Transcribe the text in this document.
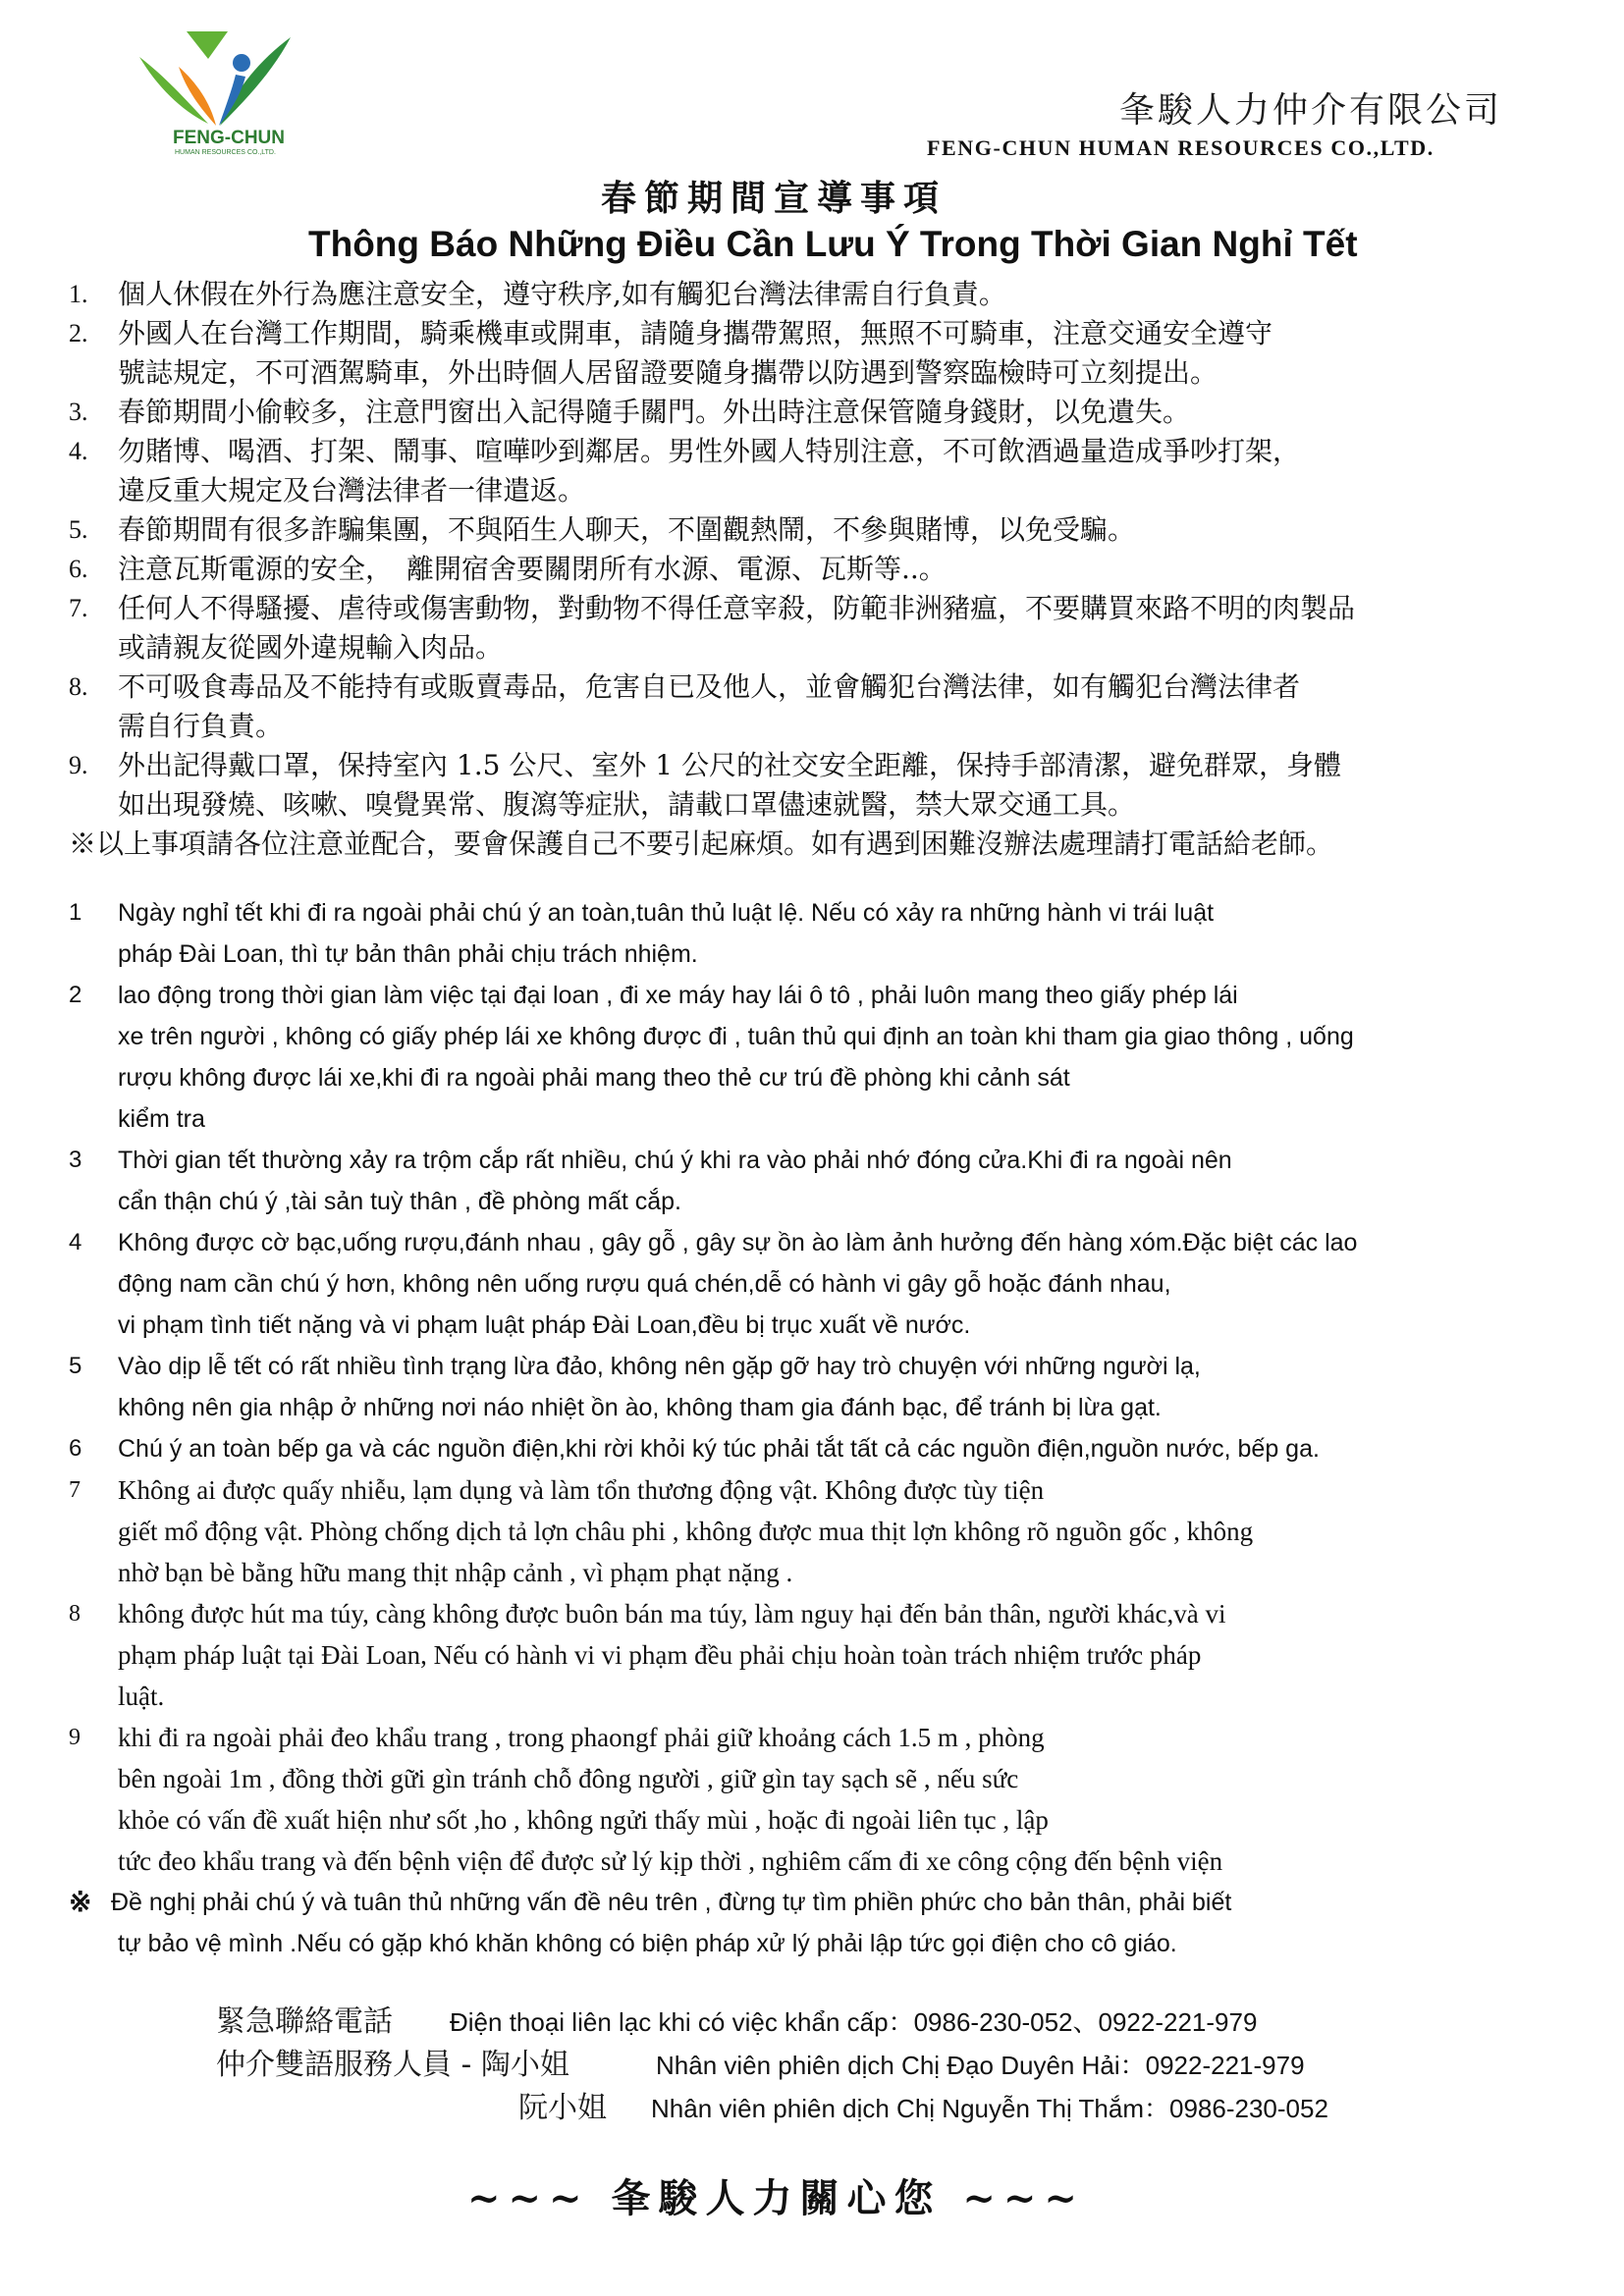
FENG-CHUN
HUMAN RESOURCES CO.,LTD.
夆駿人力仲介有限公司
FENG-CHUN HUMAN RESOURCES CO.,LTD.
春節期間宣導事項
Thông Báo Những Điều Cần Lưu Ý Trong Thời Gian Nghỉ Tết
1.	個人休假在外行為應注意安全，遵守秩序,如有觸犯台灣法律需自行負責。
2.	外國人在台灣工作期間，騎乘機車或開車，請隨身攜帶駕照，無照不可騎車，注意交通安全遵守
號誌規定，不可酒駕騎車，外出時個人居留證要隨身攜帶以防遇到警察臨檢時可立刻提出。
3.	春節期間小偷較多，注意門窗出入記得隨手關門。外出時注意保管隨身錢財，以免遺失。
4.	勿賭博、喝酒、打架、鬧事、喧嘩吵到鄰居。男性外國人特別注意，不可飲酒過量造成爭吵打架，
違反重大規定及台灣法律者一律遣返。
5.	春節期間有很多詐騙集團，不與陌生人聊天，不圍觀熱鬧，不參與賭博，以免受騙。
6.	注意瓦斯電源的安全，　離開宿舍要關閉所有水源、電源、瓦斯等..。
7.	任何人不得騷擾、虐待或傷害動物，對動物不得任意宰殺，防範非洲豬瘟，不要購買來路不明的肉製品
或請親友從國外違規輸入肉品。
8.	不可吸食毒品及不能持有或販賣毒品，危害自已及他人，並會觸犯台灣法律，如有觸犯台灣法律者
需自行負責。
9.	外出記得戴口罩，保持室內 1.5 公尺、室外 1 公尺的社交安全距離，保持手部清潔，避免群眾，身體
如出現發燒、咳嗽、嗅覺異常、腹瀉等症狀，請載口罩儘速就醫，禁大眾交通工具。
※以上事項請各位注意並配合，要會保護自己不要引起麻煩。如有遇到困難沒辦法處理請打電話給老師。
1	Ngày nghỉ tết khi đi ra ngoài phải chú ý an toàn,tuân thủ luật lệ. Nếu có xảy ra những hành vi trái luật
pháp Đài Loan, thì tự bản thân phải chịu trách nhiệm.
2	lao động trong thời gian làm việc tại đại loan , đi xe máy hay lái ô tô , phải luôn mang theo giấy phép lái
xe trên người , không có giấy phép lái xe không được đi , tuân thủ qui định an toàn khi tham gia giao thông , uống
rượu không được lái xe,khi đi ra ngoài phải mang theo thẻ cư trú đề phòng khi cảnh sát
kiểm tra
3	Thời gian tết thường xảy ra trộm cắp rất nhiều, chú ý khi ra vào phải nhớ đóng cửa.Khi đi ra ngoài nên
cẩn thận chú ý ,tài sản tuỳ thân , đề phòng mất cắp.
4	Không được cờ bạc,uống rượu,đánh nhau , gây gỗ , gây sự ồn ào làm ảnh hưởng đến hàng xóm.Đặc biệt các lao
động nam cần chú ý hơn, không nên uống rượu quá chén,dễ có hành vi gây gỗ hoặc đánh nhau,
vi phạm tình tiết nặng và vi phạm luật pháp Đài Loan,đều bị trục xuất về nước.
5	Vào dịp lễ tết có rất nhiều tình trạng lừa đảo, không nên gặp gỡ hay trò chuyện với những người lạ,
không nên gia nhập ở những nơi náo nhiệt ồn ào, không tham gia đánh bạc, để tránh bị lừa gạt.
6	Chú ý an toàn bếp ga và các nguồn điện,khi rời khỏi ký túc phải tắt tất cả các nguồn điện,nguồn nước, bếp ga.
7	Không ai được quấy nhiễu, lạm dụng và làm tổn thương động vật. Không được tùy tiện
giết mổ động vật. Phòng chống dịch tả lợn châu phi , không được mua thịt lợn không rõ nguồn gốc , không
nhờ bạn bè bằng hữu mang thịt nhập cảnh , vì phạm phạt nặng .
8	không được hút ma túy, càng không được buôn bán ma túy, làm nguy hại đến bản thân, người khác,và vi
phạm pháp luật tại Đài Loan, Nếu có hành vi vi phạm đều phải chịu hoàn toàn trách nhiệm trước pháp
luật.
9	khi đi ra ngoài phải đeo khẩu trang , trong phaongf phải giữ khoảng cách 1.5 m , phòng
bên ngoài 1m , đồng thời gữi gìn tránh chỗ đông người , giữ gìn tay sạch sẽ , nếu sức
khỏe có vấn đề xuất hiện như sốt ,ho , không ngửi thấy mùi , hoặc đi ngoài liên tục , lập
tức đeo khẩu trang và đến bệnh viện để được sử lý kịp thời , nghiêm cấm đi xe công cộng đến bệnh viện
※ Đề nghị phải chú ý và tuân thủ những vấn đề nêu trên , đừng tự tìm phiền phức cho bản thân, phải biết
tự bảo vệ mình .Nếu có gặp khó khăn không có biện pháp xử lý phải lập tức gọi điện cho cô giáo.
緊急聯絡電話 Điện thoại liên lạc khi có việc khẩn cấp：0986-230-052、0922-221-979
仲介雙語服務人員 - 陶小姐	Nhân viên phiên dịch Chị Đạo Duyên Hải：0922-221-979
阮小姐 Nhân viên phiên dịch Chị Nguyễn Thị Thắm：0986-230-052
~~~ 夆駿人力關心您 ~~~
